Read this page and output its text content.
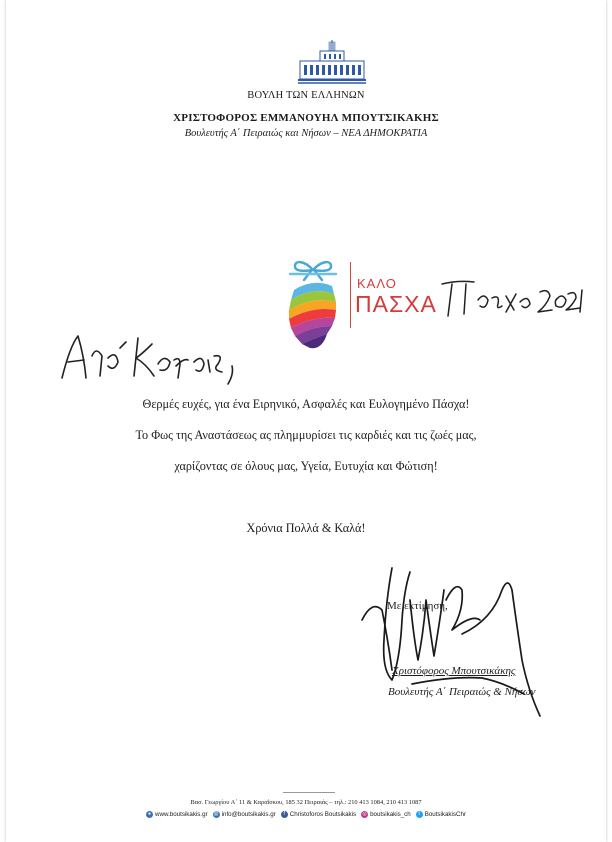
ΒΟΥΛΗ ΤΩΝ ΕΛΛΗΝΩΝ
ΧΡΙΣΤΟΦΟΡΟΣ ΕΜΜΑΝΟΥΗΛ ΜΠΟΥΤΣΙΚΑΚΗΣ
Βουλευτής Α΄ Πειραιώς και Νήσων – ΝΕΑ ΔΗΜΟΚΡΑΤΙΑ
ΚΑΛΟ
ΠΑΣΧΑ
Θερμές ευχές, για ένα Ειρηνικό, Ασφαλές και Ευλογημένο Πάσχα!
Το Φως της Αναστάσεως ας πλημμυρίσει τις καρδιές και τις ζωές μας,
χαρίζοντας σε όλους μας, Υγεία, Ευτυχία και Φώτιση!
Χρόνια Πολλά & Καλά!
Με εκτίμηση,
Χριστόφορος Μπουτσικάκης
Βουλευτής Α΄ Πειραιώς & Νήσων
Βασ. Γεωργίου Α΄ 11 & Καραΐσκου, 185 32 Πειραιάς – τηλ.: 210 413 1084, 210 413 1087
● www.boutsikakis.gr @ info@boutsikakis.gr	f Christoforos Boutsikakis ◎ boutsikakis_ch	t BoutsikakisChr
